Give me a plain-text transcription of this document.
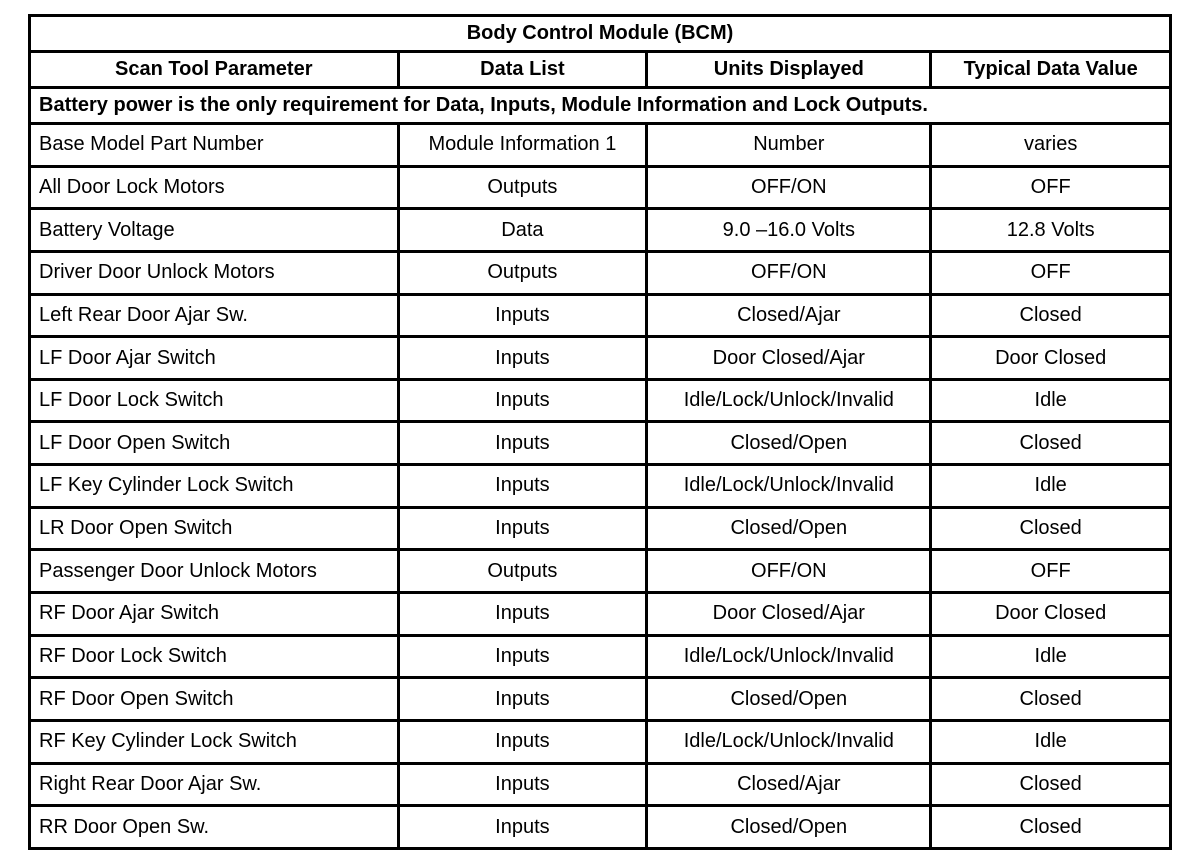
Body Control Module (BCM)			
Scan Tool Parameter	Data List	Units Displayed	Typical Data Value
Battery power is the only requirement for Data, Inputs, Module Information and Lock Outputs.			
Base Model Part Number	Module Information 1	Number	varies
All Door Lock Motors	Outputs	OFF/ON	OFF
Battery Voltage	Data	9.0 –16.0 Volts	12.8 Volts
Driver Door Unlock Motors	Outputs	OFF/ON	OFF
Left Rear Door Ajar Sw.	Inputs	Closed/Ajar	Closed
LF Door Ajar Switch	Inputs	Door Closed/Ajar	Door Closed
LF Door Lock Switch	Inputs	Idle/Lock/Unlock/Invalid	Idle
LF Door Open Switch	Inputs	Closed/Open	Closed
LF Key Cylinder Lock Switch	Inputs	Idle/Lock/Unlock/Invalid	Idle
LR Door Open Switch	Inputs	Closed/Open	Closed
Passenger Door Unlock Motors	Outputs	OFF/ON	OFF
RF Door Ajar Switch	Inputs	Door Closed/Ajar	Door Closed
RF Door Lock Switch	Inputs	Idle/Lock/Unlock/Invalid	Idle
RF Door Open Switch	Inputs	Closed/Open	Closed
RF Key Cylinder Lock Switch	Inputs	Idle/Lock/Unlock/Invalid	Idle
Right Rear Door Ajar Sw.	Inputs	Closed/Ajar	Closed
RR Door Open Sw.	Inputs	Closed/Open	Closed
